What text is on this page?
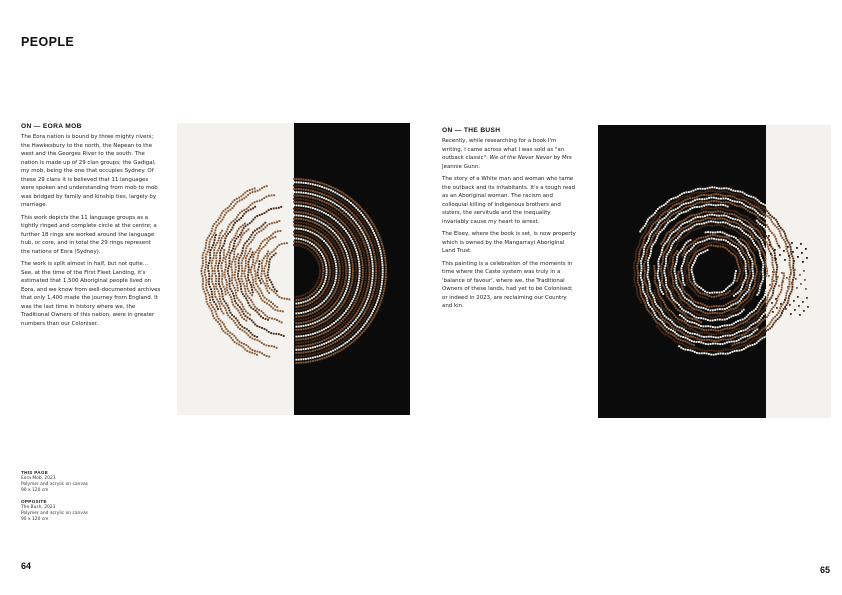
PEOPLE
ON — EORA MOB

The Eora nation is bound by three mighty rivers; the Hawkesbury to the north, the Nepean to the west and the Georges River to the south. The nation is made up of 29 clan groups; the Gadigal, my mob, being the one that occupies Sydney. Of these 29 clans it is believed that 11 languages were spoken and understanding from mob to mob was bridged by family and kinship ties, largely by marriage.

This work depicts the 11 language groups as a tightly ringed and complete circle at the centre; a further 18 rings are worked around the language hub, or core, and in total the 29 rings represent the nations of Eora (Sydney).

The work is split almost in half, but not quite... See, at the time of the First Fleet Landing, it's estimated that 1,500 Aboriginal people lived on Eora, and we know from well-documented archives that only 1,400 made the journey from England. It was the last time in history where we, the Traditional Owners of this nation, were in greater numbers than our Coloniser.

ON — THE BUSH

Recently, while researching for a book I'm writing, I came across what I was sold as "an outback classic": We of the Never Never by Mrs Jeannie Gunn.

The story of a White man and woman who tame the outback and its inhabitants. It's a tough read as an Aboriginal woman. The racism and colloquial killing of Indigenous brothers and sisters, the servitude and the inequality invariably cause my heart to arrest.

The Elsey, where the book is set, is now property which is owned by the Mangarrayi Aboriginal Land Trust.

This painting is a celebration of the moments in time where the Caste system was truly in a 'balance of favour', where we, the Traditional Owners of these lands, had yet to be Colonised; or indeed in 2023, are reclaiming our Country and kin.

THIS PAGE
Eora Mob, 2023
Polymer and acrylic on canvas
90 x 120 cm
OPPOSITE
The Bush, 2023
Polymer and acrylic on canvas
90 x 120 cm
64	65
